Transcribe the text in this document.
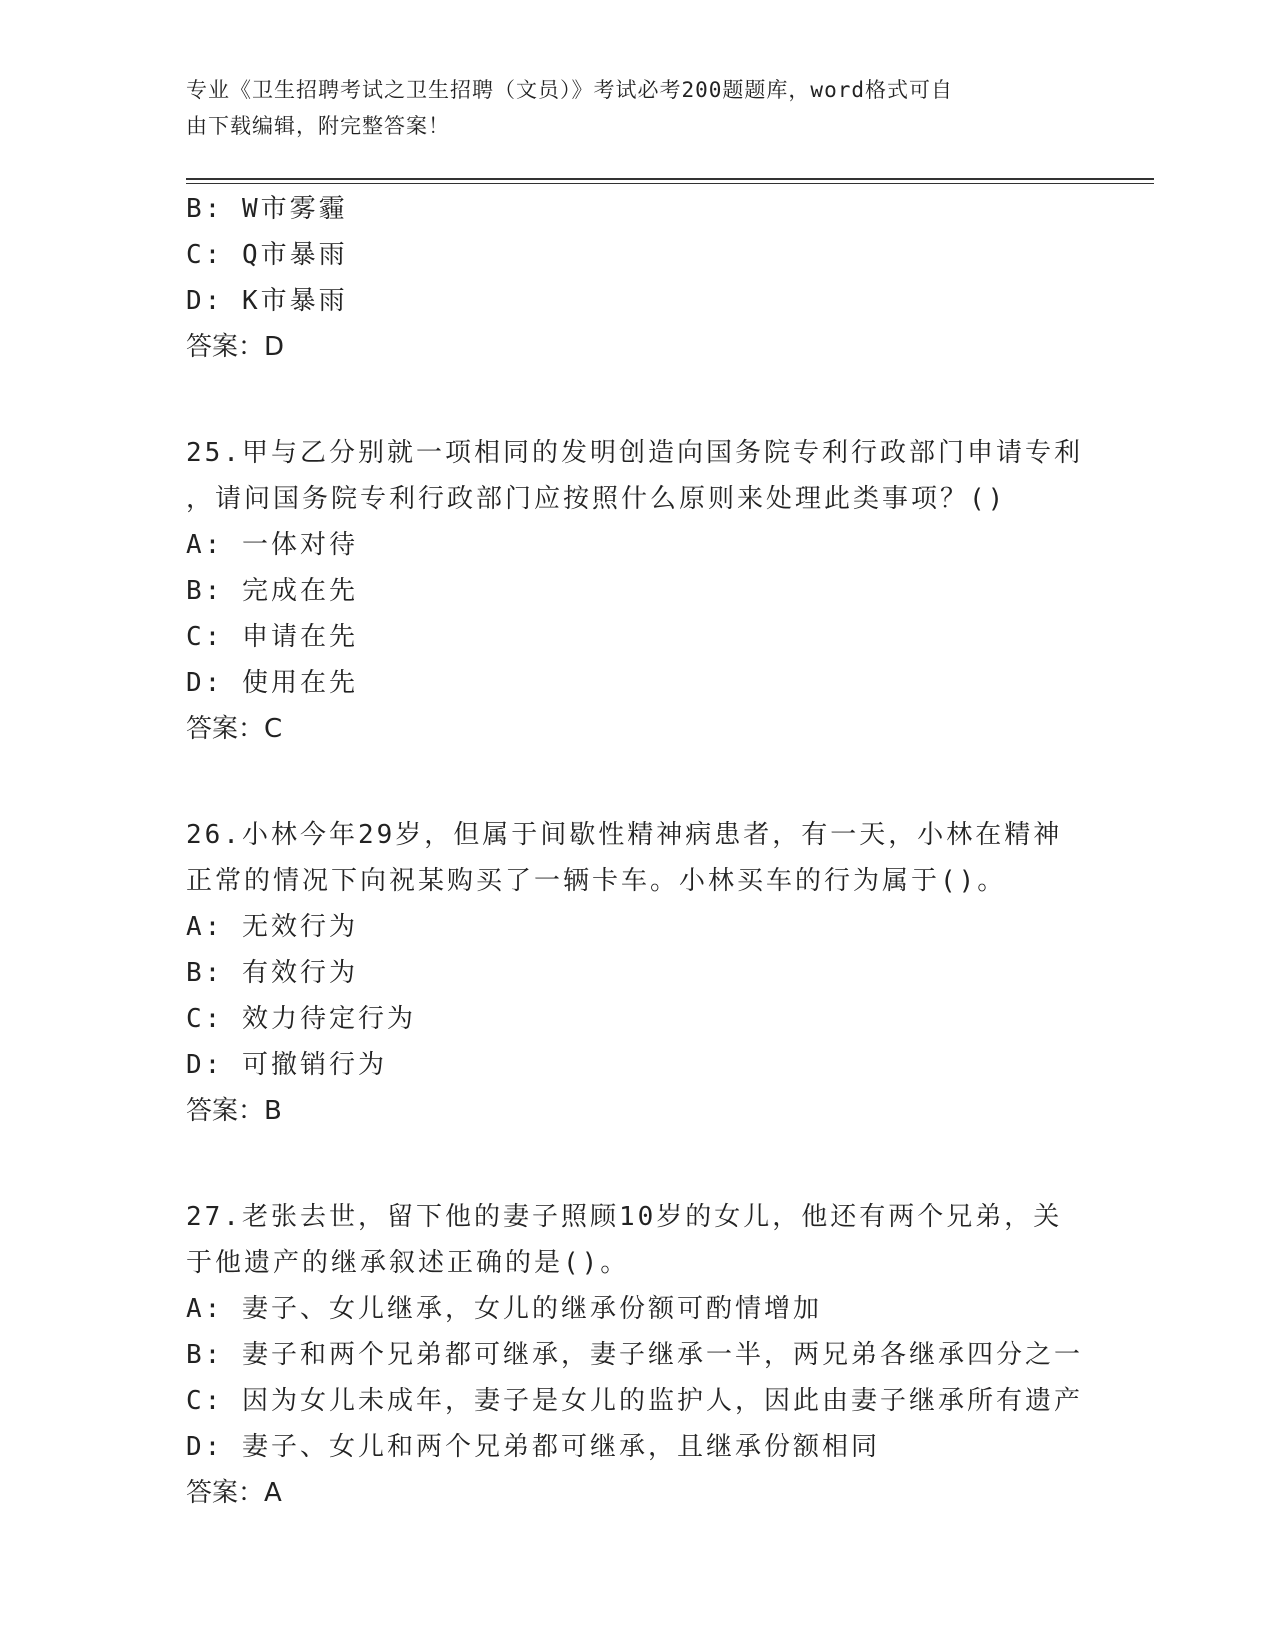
专业《卫生招聘考试之卫生招聘（文员）》考试必考200题题库，word格式可自
由下载编辑，附完整答案！
B: W市雾霾
C: Q市暴雨
D: K市暴雨
答案：D
25.甲与乙分别就一项相同的发明创造向国务院专利行政部门申请专利
，请问国务院专利行政部门应按照什么原则来处理此类事项？()
A: 一体对待
B: 完成在先
C: 申请在先
D: 使用在先
答案：C
26.小林今年29岁，但属于间歇性精神病患者，有一天，小林在精神
正常的情况下向祝某购买了一辆卡车。小林买车的行为属于()。
A: 无效行为
B: 有效行为
C: 效力待定行为
D: 可撤销行为
答案：B
27.老张去世，留下他的妻子照顾10岁的女儿，他还有两个兄弟，关
于他遗产的继承叙述正确的是()。
A: 妻子、女儿继承，女儿的继承份额可酌情增加
B: 妻子和两个兄弟都可继承，妻子继承一半，两兄弟各继承四分之一
C: 因为女儿未成年，妻子是女儿的监护人，因此由妻子继承所有遗产
D: 妻子、女儿和两个兄弟都可继承，且继承份额相同
答案：A
